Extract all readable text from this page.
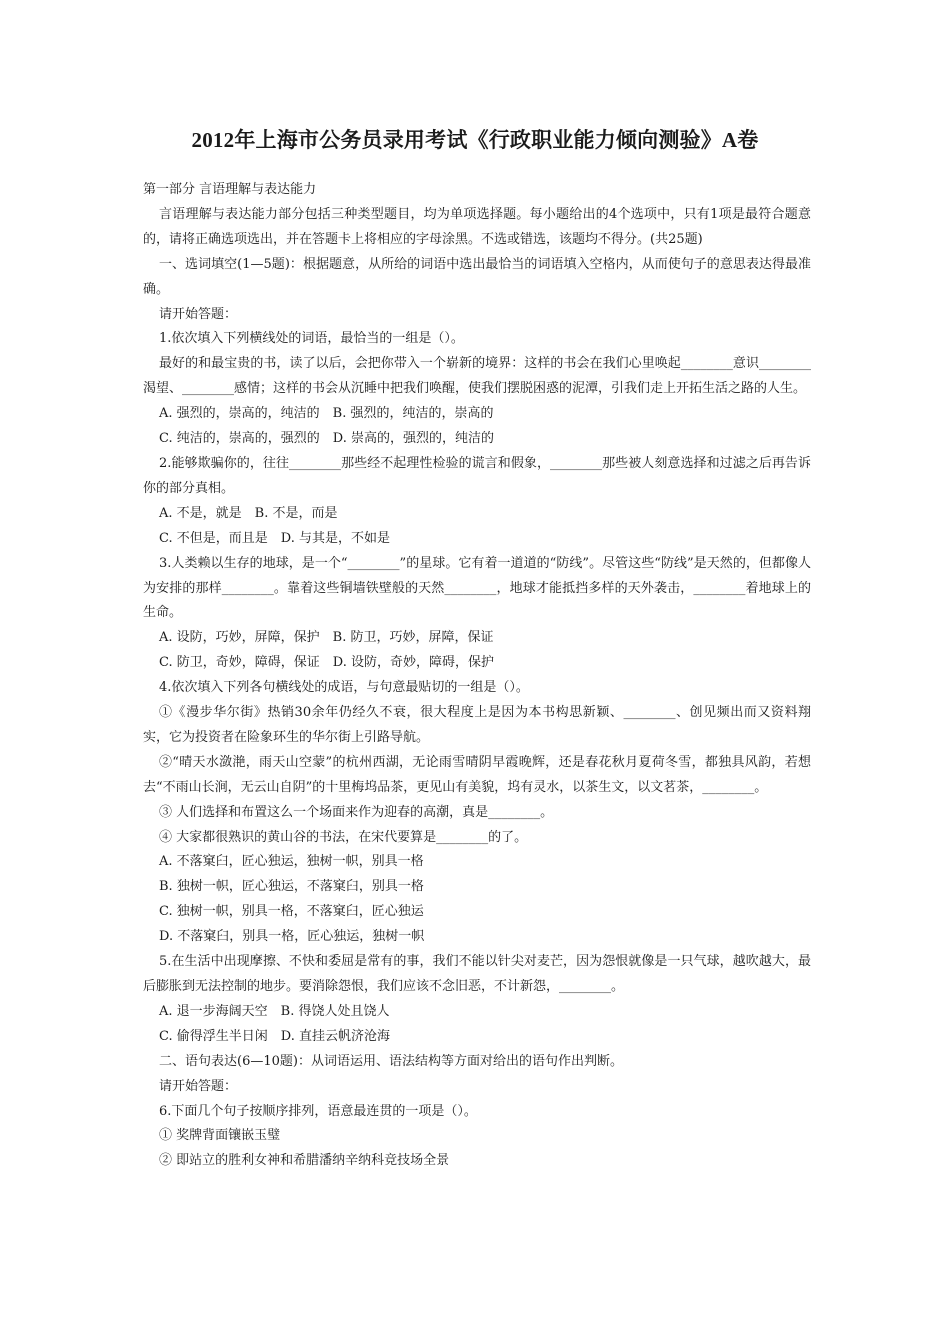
2012年上海市公务员录用考试《行政职业能力倾向测验》A卷

第一部分 言语理解与表达能力

言语理解与表达能力部分包括三种类型题目，均为单项选择题。每小题给出的4个选项中，只有1项是最符合题意的，请将正确选项选出，并在答题卡上将相应的字母涂黑。不选或错选，该题均不得分。(共25题)

一、选词填空(1—5题)：根据题意，从所给的词语中选出最恰当的词语填入空格内，从而使句子的意思表达得最准确。

请开始答题：

1.依次填入下列横线处的词语，最恰当的一组是（）。

最好的和最宝贵的书，读了以后，会把你带入一个崭新的境界：这样的书会在我们心里唤起________意识________渴望、________感情；这样的书会从沉睡中把我们唤醒，使我们摆脱困惑的泥潭，引我们走上开拓生活之路的人生。

A. 强烈的，崇高的，纯洁的　B. 强烈的，纯洁的，崇高的

C. 纯洁的，崇高的，强烈的　D. 崇高的，强烈的，纯洁的

2.能够欺骗你的，往往________那些经不起理性检验的谎言和假象，________那些被人刻意选择和过滤之后再告诉你的部分真相。

A. 不是，就是　B. 不是，而是

C. 不但是，而且是　D. 与其是，不如是

3.人类赖以生存的地球，是一个“________”的星球。它有着一道道的“防线”。尽管这些“防线”是天然的，但都像人为安排的那样________。靠着这些铜墙铁壁般的天然________，地球才能抵挡多样的天外袭击，________着地球上的生命。

A. 设防，巧妙，屏障，保护　B. 防卫，巧妙，屏障，保证

C. 防卫，奇妙，障碍，保证　D. 设防，奇妙，障碍，保护

4.依次填入下列各句横线处的成语，与句意最贴切的一组是（）。

①《漫步华尔街》热销30余年仍经久不衰，很大程度上是因为本书构思新颖、________、创见频出而又资料翔实，它为投资者在险象环生的华尔街上引路导航。

②“晴天水潋滟，雨天山空蒙”的杭州西湖，无论雨雪晴阴早霞晚辉，还是春花秋月夏荷冬雪，都独具风韵，若想去“不雨山长涧，无云山自阴”的十里梅坞品茶，更见山有美貌，坞有灵水，以茶生文，以文茗茶，________。

③ 人们选择和布置这么一个场面来作为迎春的高潮，真是________。

④ 大家都很熟识的黄山谷的书法，在宋代要算是________的了。

A. 不落窠臼，匠心独运，独树一帜，别具一格

B. 独树一帜，匠心独运，不落窠臼，别具一格

C. 独树一帜，别具一格，不落窠臼，匠心独运

D. 不落窠臼，别具一格，匠心独运，独树一帜

5.在生活中出现摩擦、不快和委屈是常有的事，我们不能以针尖对麦芒，因为怨恨就像是一只气球，越吹越大，最后膨胀到无法控制的地步。要消除怨恨，我们应该不念旧恶，不计新怨，________。

A. 退一步海阔天空　B. 得饶人处且饶人

C. 偷得浮生半日闲　D. 直挂云帆济沧海

二、语句表达(6—10题)：从词语运用、语法结构等方面对给出的语句作出判断。

请开始答题：

6.下面几个句子按顺序排列，语意最连贯的一项是（）。

① 奖牌背面镶嵌玉璧

② 即站立的胜利女神和希腊潘纳辛纳科竞技场全景
